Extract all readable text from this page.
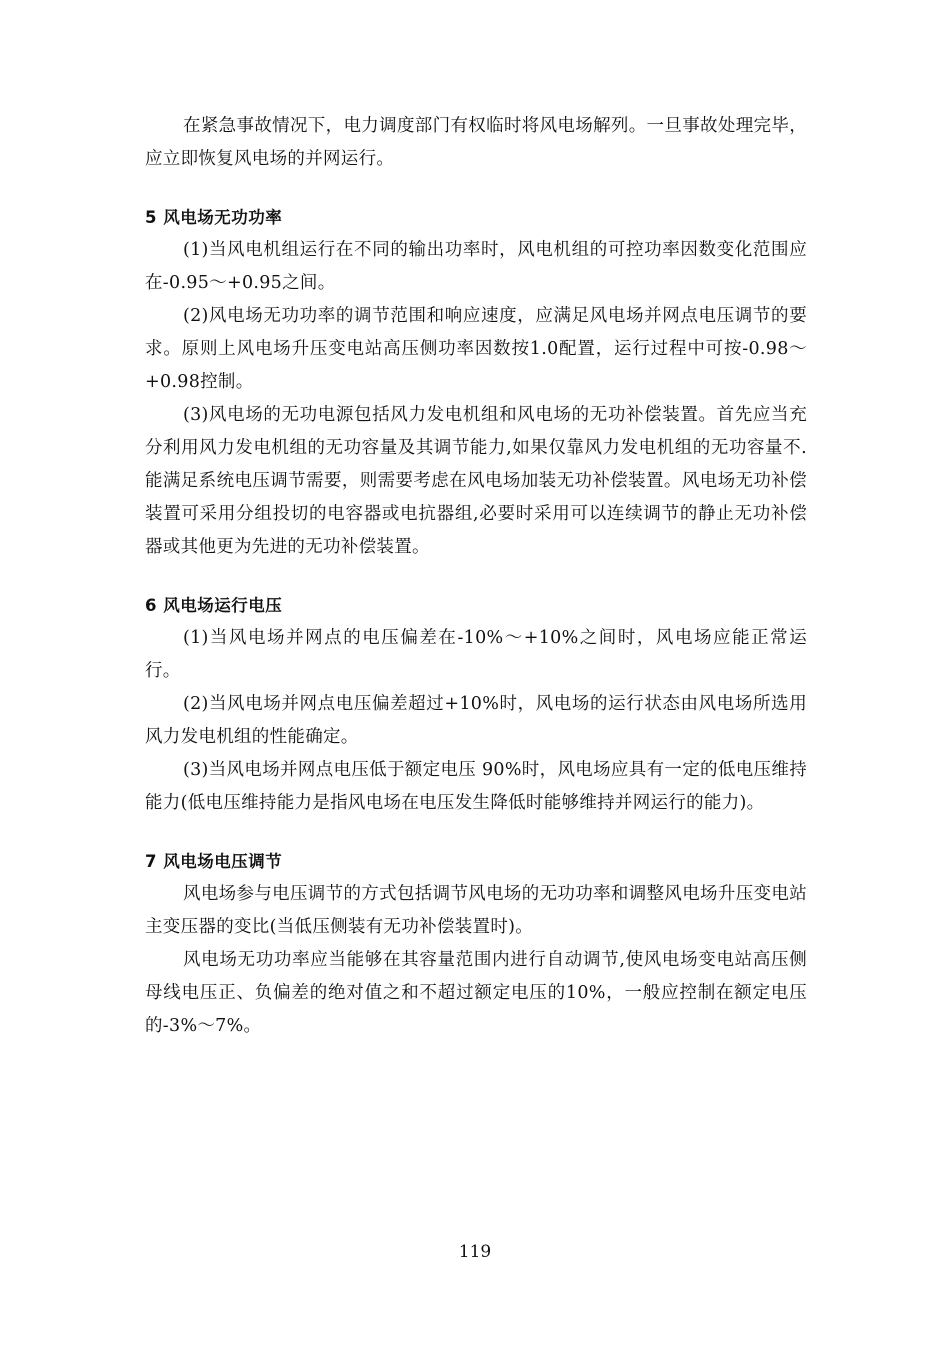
在紧急事故情况下，电力调度部门有权临时将风电场解列。一旦事故处理完毕，应立即恢复风电场的并网运行。

5 风电场无功功率

(1)当风电机组运行在不同的输出功率时，风电机组的可控功率因数变化范围应在-0.95～+0.95之间。

(2)风电场无功功率的调节范围和响应速度，应满足风电场并网点电压调节的要求。原则上风电场升压变电站高压侧功率因数按1.0配置，运行过程中可按-0.98～+0.98控制。

(3)风电场的无功电源包括风力发电机组和风电场的无功补偿装置。首先应当充分利用风力发电机组的无功容量及其调节能力,如果仅靠风力发电机组的无功容量不.能满足系统电压调节需要，则需要考虑在风电场加装无功补偿装置。风电场无功补偿装置可采用分组投切的电容器或电抗器组,必要时采用可以连续调节的静止无功补偿器或其他更为先进的无功补偿装置。

6 风电场运行电压

(1)当风电场并网点的电压偏差在-10%～+10%之间时，风电场应能正常运行。

(2)当风电场并网点电压偏差超过+10%时，风电场的运行状态由风电场所选用风力发电机组的性能确定。

(3)当风电场并网点电压低于额定电压 90%时，风电场应具有一定的低电压维持能力(低电压维持能力是指风电场在电压发生降低时能够维持并网运行的能力)。

7 风电场电压调节

风电场参与电压调节的方式包括调节风电场的无功功率和调整风电场升压变电站主变压器的变比(当低压侧装有无功补偿装置时)。

风电场无功功率应当能够在其容量范围内进行自动调节,使风电场变电站高压侧母线电压正、负偏差的绝对值之和不超过额定电压的10%，一般应控制在额定电压的-3%～7%。

119
